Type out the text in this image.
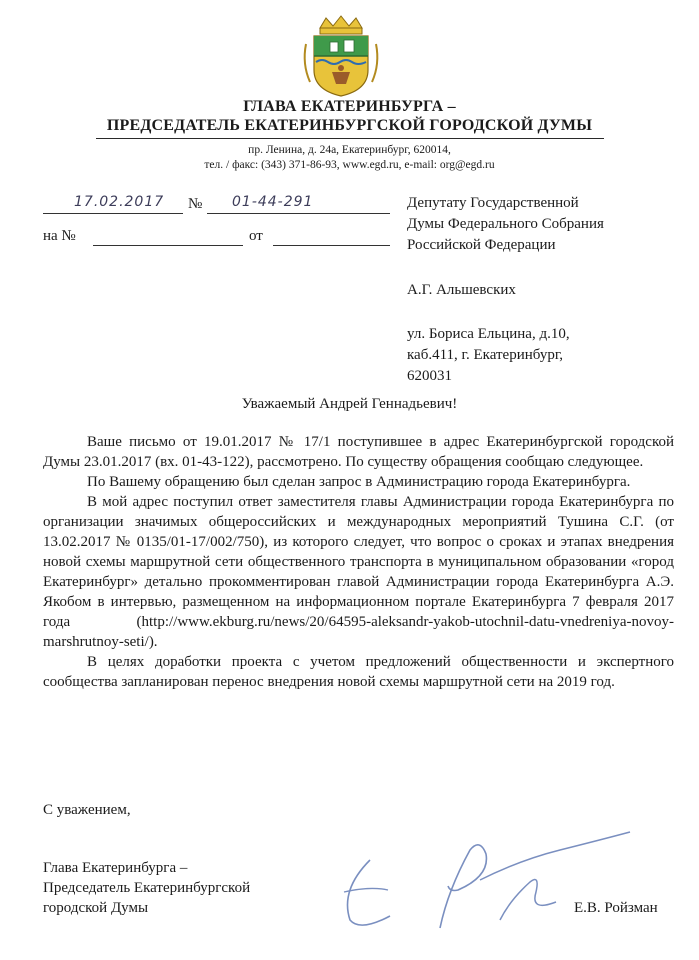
ГЛАВА ЕКАТЕРИНБУРГА –
ПРЕДСЕДАТЕЛЬ ЕКАТЕРИНБУРГСКОЙ ГОРОДСКОЙ ДУМЫ
пр. Ленина, д. 24а, Екатеринбург, 620014,
тел. / факс: (343) 371-86-93, www.egd.ru, e-mail: org@egd.ru
17.02.2017 № 01-44-291
на №	от
Депутату Государственной
Думы Федерального Собрания
Российской Федерации
А.Г. Альшевских
ул. Бориса Ельцина, д.10,
каб.411, г. Екатеринбург,
620031
Уважаемый Андрей Геннадьевич!

Ваше письмо от 19.01.2017 № 17/1 поступившее в адрес Екатеринбургской городской Думы 23.01.2017 (вх. 01-43-122), рассмотрено. По существу обращения сообщаю следующее.

По Вашему обращению был сделан запрос в Администрацию города Екатеринбурга.

В мой адрес поступил ответ заместителя главы Администрации города Екатеринбурга по организации значимых общероссийских и международных мероприятий Тушина С.Г. (от 13.02.2017 № 0135/01-17/002/750), из которого следует, что вопрос о сроках и этапах внедрения новой схемы маршрутной сети общественного транспорта в муниципальном образовании «город Екатеринбург» детально прокомментирован главой Администрации города Екатеринбурга А.Э. Якобом в интервью, размещенном на информационном портале Екатеринбурга 7 февраля 2017 года (http://www.ekburg.ru/news/20/64595-aleksandr-yakob-utochnil-datu-vnedreniya-novoy-marshrutnoy-seti/).

В целях доработки проекта с учетом предложений общественности и экспертного сообщества запланирован перенос внедрения новой схемы маршрутной сети на 2019 год.

С уважением,
Глава Екатеринбурга –
Председатель Екатеринбургской
городской Думы	Е.В. Ройзман
